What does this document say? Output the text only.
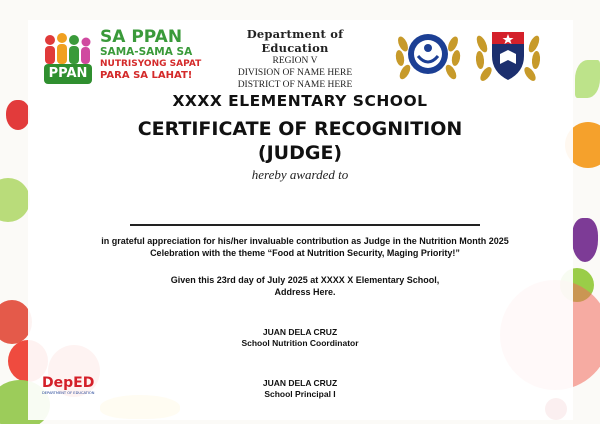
PPAN
SA PPAN
SAMA-SAMA SA
NUTRISYONG SAPAT
PARA SA LAHAT!
Department of Education
REGION V
DIVISION OF NAME HERE
DISTRICT OF NAME HERE
XXXX ELEMENTARY SCHOOL
CERTIFICATE OF RECOGNITION
(JUDGE)
hereby awarded to
in grateful appreciation for his/her invaluable contribution as Judge in the Nutrition Month 2025 Celebration with the theme “Food at Nutrition Security, Maging Priority!”
Given this 23rd day of July 2025 at XXXX X Elementary School,
Address Here.
JUAN DELA CRUZ
School Nutrition Coordinator
JUAN DELA CRUZ
School Principal I
DepED
DEPARTMENT OF EDUCATION
